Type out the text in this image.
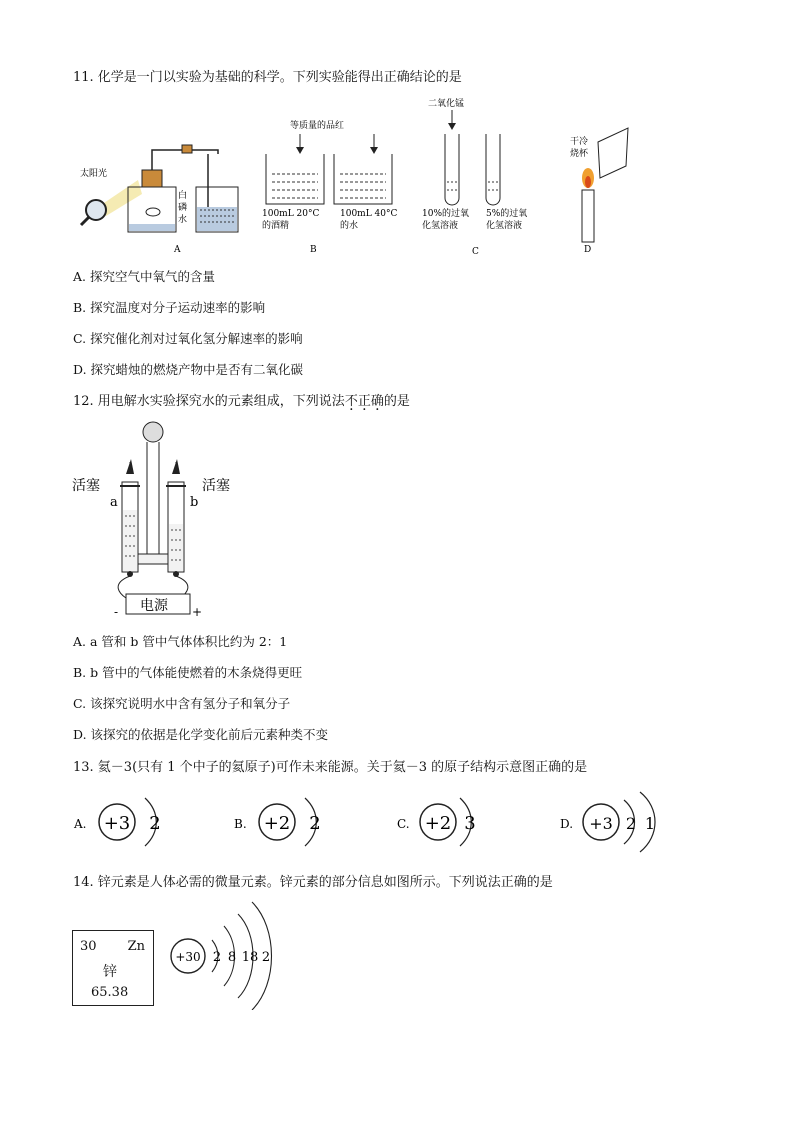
11. 化学是一门以实验为基础的科学。下列实验能得出正确结论的是
太阳光
白
磷
水
A
等质量的品红
100mL 20°C
的酒精
100mL 40°C
的水
B
二氧化锰
10%的过氧
化氢溶液
5%的过氧
化氢溶液
C
干冷
烧杯
D
A. 探究空气中氧气的含量
B. 探究温度对分子运动速率的影响
C. 探究催化剂对过氧化氢分解速率的影响
D. 探究蜡烛的燃烧产物中是否有二氧化碳
12. 用电解水实验探究水的元素组成，下列说法不正确的是
活塞	活塞
a	b
电源
-	+
A. a 管和 b 管中气体体积比约为 2：1
B. b 管中的气体能使燃着的木条烧得更旺
C. 该探究说明水中含有氢分子和氧分子
D. 该探究的依据是化学变化前后元素种类不变
13. 氦－3(只有 1 个中子的氦原子)可作未来能源。关于氦－3 的原子结构示意图正确的是
A. +3 2	B. +2 2	C. +2 3	D. +3 2 1
14. 锌元素是人体必需的微量元素。锌元素的部分信息如图所示。下列说法正确的是
30 Zn
锌
65.38
+30 2 8 18 2
